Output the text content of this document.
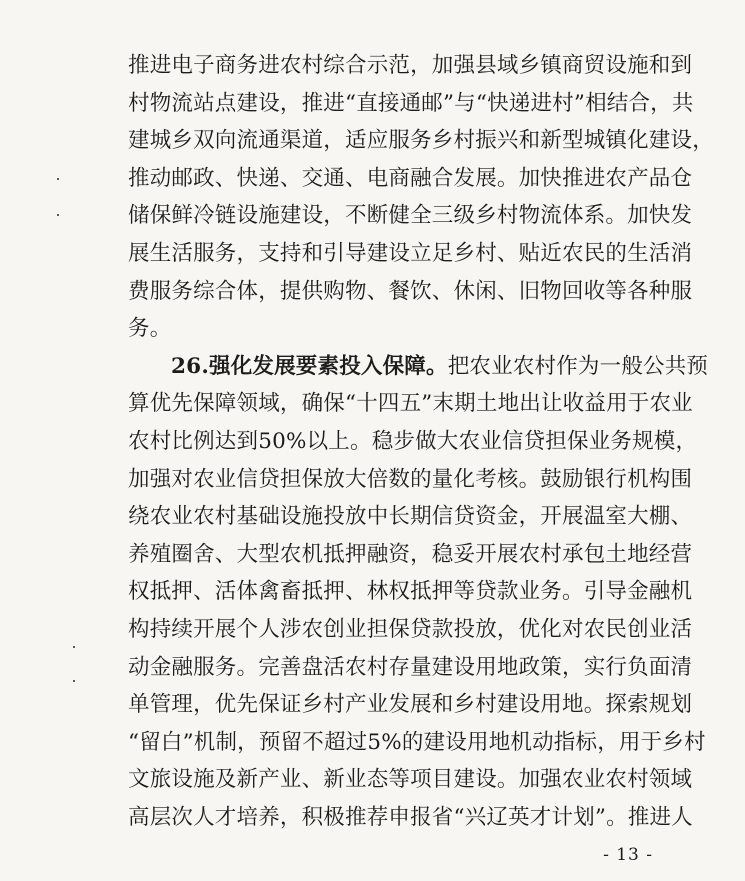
推进电子商务进农村综合示范，加强县域乡镇商贸设施和到
村物流站点建设，推进“直接通邮”与“快递进村”相结合，共
建城乡双向流通渠道，适应服务乡村振兴和新型城镇化建设，
推动邮政、快递、交通、电商融合发展。加快推进农产品仓
储保鲜冷链设施建设，不断健全三级乡村物流体系。加快发
展生活服务，支持和引导建设立足乡村、贴近农民的生活消
费服务综合体，提供购物、餐饮、休闲、旧物回收等各种服
务。
26.强化发展要素投入保障。把农业农村作为一般公共预
算优先保障领域，确保“十四五”末期土地出让收益用于农业
农村比例达到50%以上。稳步做大农业信贷担保业务规模，
加强对农业信贷担保放大倍数的量化考核。鼓励银行机构围
绕农业农村基础设施投放中长期信贷资金，开展温室大棚、
养殖圈舍、大型农机抵押融资，稳妥开展农村承包土地经营
权抵押、活体禽畜抵押、林权抵押等贷款业务。引导金融机
构持续开展个人涉农创业担保贷款投放，优化对农民创业活
动金融服务。完善盘活农村存量建设用地政策，实行负面清
单管理，优先保证乡村产业发展和乡村建设用地。探索规划
“留白”机制，预留不超过5%的建设用地机动指标，用于乡村
文旅设施及新产业、新业态等项目建设。加强农业农村领域
高层次人才培养，积极推荐申报省“兴辽英才计划”。推进人
- 13 -
